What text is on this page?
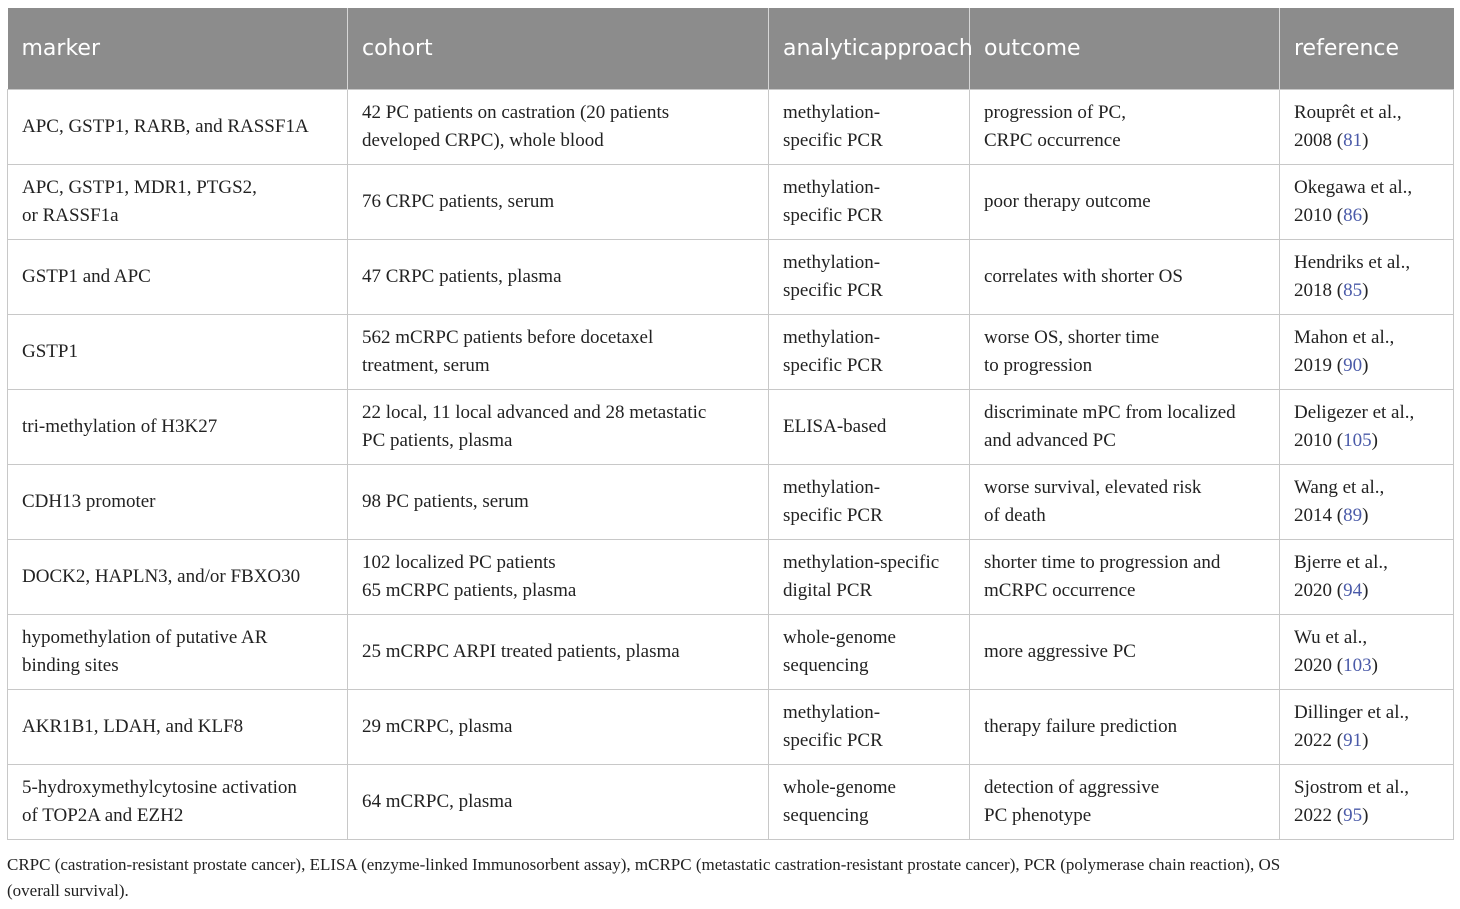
marker	cohort	analyticapproach	outcome	reference

APC, GSTP1, RARB, and RASSF1A	42 PC patients on castration (20 patients
developed CRPC), whole blood	methylation-
specific PCR	progression of PC,
CRPC occurrence	Rouprêt et al.,
2008 (81)

APC, GSTP1, MDR1, PTGS2,
or RASSF1a	76 CRPC patients, serum	methylation-
specific PCR	poor therapy outcome	Okegawa et al.,
2010 (86)

GSTP1 and APC	47 CRPC patients, plasma	methylation-
specific PCR	correlates with shorter OS	Hendriks et al.,
2018 (85)

GSTP1	562 mCRPC patients before docetaxel
treatment, serum	methylation-
specific PCR	worse OS, shorter time
to progression	Mahon et al.,
2019 (90)

tri-methylation of H3K27	22 local, 11 local advanced and 28 metastatic
PC patients, plasma	ELISA-based	discriminate mPC from localized
and advanced PC	Deligezer et al.,
2010 (105)

CDH13 promoter	98 PC patients, serum	methylation-
specific PCR	worse survival, elevated risk
of death	Wang et al.,
2014 (89)

DOCK2, HAPLN3, and/or FBXO30	102 localized PC patients
65 mCRPC patients, plasma	methylation-specific
digital PCR	shorter time to progression and
mCRPC occurrence	Bjerre et al.,
2020 (94)

hypomethylation of putative AR
binding sites	25 mCRPC ARPI treated patients, plasma	whole-genome
sequencing	more aggressive PC	Wu et al.,
2020 (103)

AKR1B1, LDAH, and KLF8	29 mCRPC, plasma	methylation-
specific PCR	therapy failure prediction	Dillinger et al.,
2022 (91)

5-hydroxymethylcytosine activation
of TOP2A and EZH2	64 mCRPC, plasma	whole-genome
sequencing	detection of aggressive
PC phenotype	Sjostrom et al.,
2022 (95)
CRPC (castration-resistant prostate cancer), ELISA (enzyme-linked Immunosorbent assay), mCRPC (metastatic castration-resistant prostate cancer), PCR (polymerase chain reaction), OS
(overall survival).
